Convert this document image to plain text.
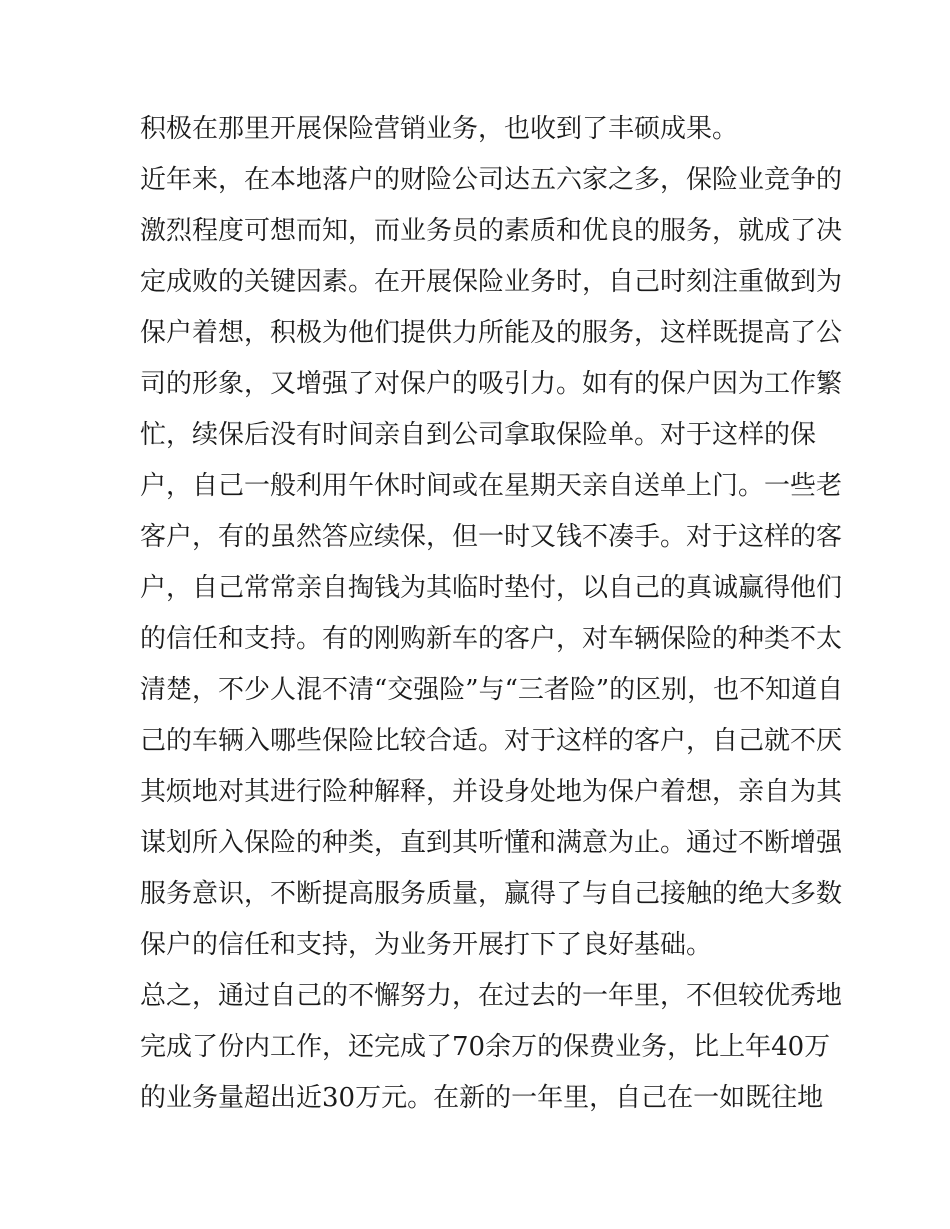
积极在那里开展保险营销业务，也收到了丰硕成果。
近年来，在本地落户的财险公司达五六家之多，保险业竞争的
激烈程度可想而知，而业务员的素质和优良的服务，就成了决
定成败的关键因素。在开展保险业务时，自己时刻注重做到为
保户着想，积极为他们提供力所能及的服务，这样既提高了公
司的形象，又增强了对保户的吸引力。如有的保户因为工作繁
忙，续保后没有时间亲自到公司拿取保险单。对于这样的保
户，自己一般利用午休时间或在星期天亲自送单上门。一些老
客户，有的虽然答应续保，但一时又钱不凑手。对于这样的客
户，自己常常亲自掏钱为其临时垫付，以自己的真诚赢得他们
的信任和支持。有的刚购新车的客户，对车辆保险的种类不太
清楚，不少人混不清“交强险”与“三者险”的区别，也不知道自
己的车辆入哪些保险比较合适。对于这样的客户，自己就不厌
其烦地对其进行险种解释，并设身处地为保户着想，亲自为其
谋划所入保险的种类，直到其听懂和满意为止。通过不断增强
服务意识，不断提高服务质量，赢得了与自己接触的绝大多数
保户的信任和支持，为业务开展打下了良好基础。
总之，通过自己的不懈努力，在过去的一年里，不但较优秀地
完成了份内工作，还完成了70余万的保费业务，比上年40万
的业务量超出近30万元。在新的一年里，自己在一如既往地
